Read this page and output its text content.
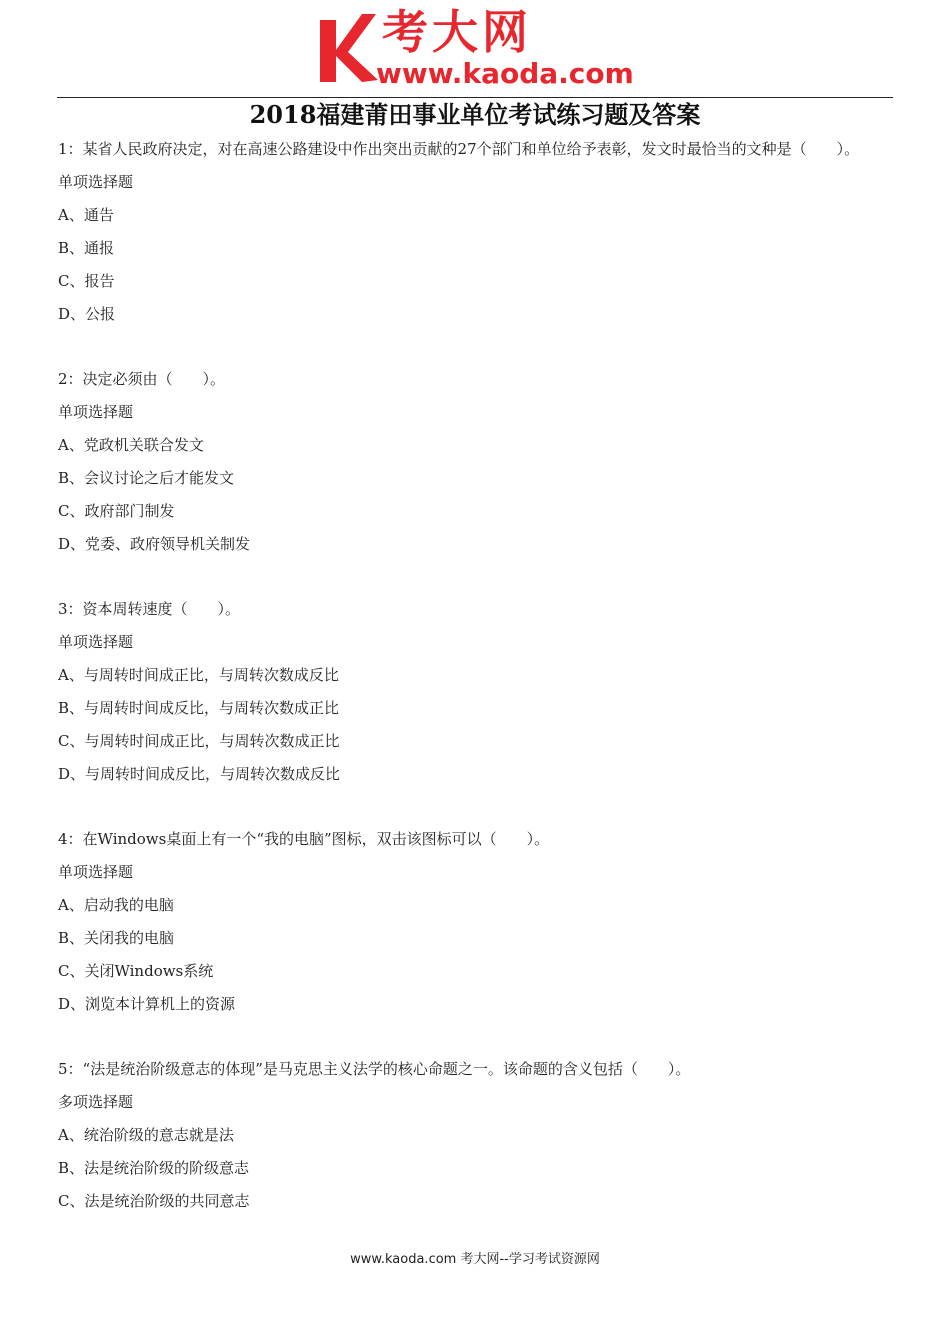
考大网
www.kaoda.com
2018福建莆田事业单位考试练习题及答案

1：某省人民政府决定，对在高速公路建设中作出突出贡献的27个部门和单位给予表彰，发文时最恰当的文种是（　　）。

单项选择题

A、通告

B、通报

C、报告

D、公报

2：决定必须由（　　）。

单项选择题

A、党政机关联合发文

B、会议讨论之后才能发文

C、政府部门制发

D、党委、政府领导机关制发

3：资本周转速度（　　）。

单项选择题

A、与周转时间成正比，与周转次数成反比

B、与周转时间成反比，与周转次数成正比

C、与周转时间成正比，与周转次数成正比

D、与周转时间成反比，与周转次数成反比

4：在Windows桌面上有一个“我的电脑”图标，双击该图标可以（　　）。

单项选择题

A、启动我的电脑

B、关闭我的电脑

C、关闭Windows系统

D、浏览本计算机上的资源

5：“法是统治阶级意志的体现”是马克思主义法学的核心命题之一。该命题的含义包括（　　）。

多项选择题

A、统治阶级的意志就是法

B、法是统治阶级的阶级意志

C、法是统治阶级的共同意志

www.kaoda.com 考大网--学习考试资源网
